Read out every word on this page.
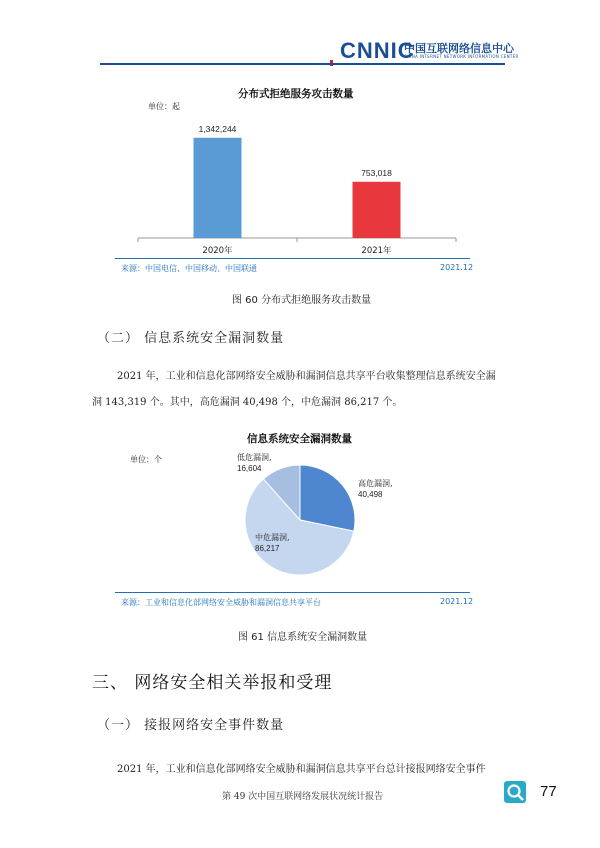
CNNIC
中国互联网络信息中心
CHINA INTERNET NETWORK INFORMATION CENTER
分布式拒绝服务攻击数量
单位：起
1,342,244
2020年
753,018
2021年
来源：中国电信、中国移动、中国联通	2021.12
图 60 分布式拒绝服务攻击数量
（二） 信息系统安全漏洞数量
2021 年，工业和信息化部网络安全威胁和漏洞信息共享平台收集整理信息系统安全漏
洞 143,319 个。其中，高危漏洞 40,498 个，中危漏洞 86,217 个。
信息系统安全漏洞数量
单位：个
高危漏洞,
40,498
中危漏洞,
86,217
低危漏洞,
16,604
来源：工业和信息化部网络安全威胁和漏洞信息共享平台	2021.12
图 61 信息系统安全漏洞数量
三、 网络安全相关举报和受理
（一） 接报网络安全事件数量
2021 年，工业和信息化部网络安全威胁和漏洞信息共享平台总计接报网络安全事件
第 49 次中国互联网络发展状况统计报告	77
